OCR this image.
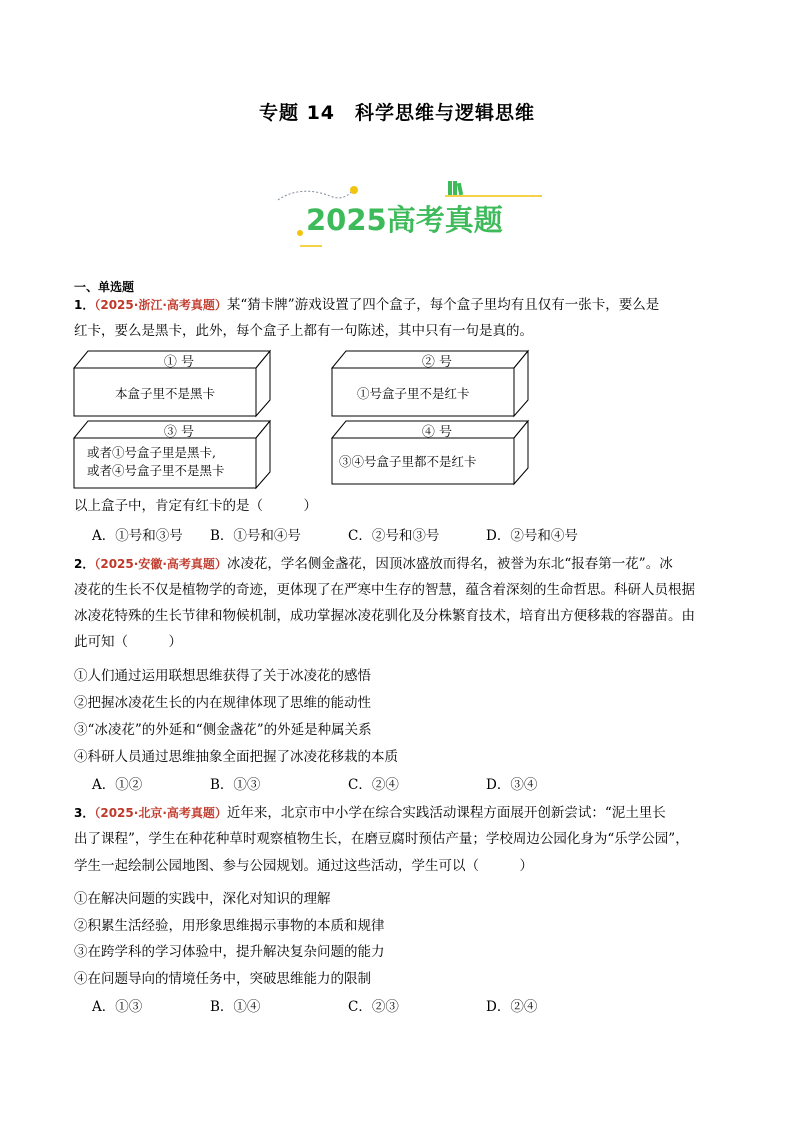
专题 14　科学思维与逻辑思维
2025高考真题
一、单选题
1．（2025·浙江·高考真题）某“猜卡牌”游戏设置了四个盒子，每个盒子里均有且仅有一张卡，要么是
红卡，要么是黑卡，此外，每个盒子上都有一句陈述，其中只有一句是真的。
① 号
本盒子里不是黑卡
② 号
①号盒子里不是红卡
③ 号
或者①号盒子里是黑卡,
或者④号盒子里不是黑卡
④ 号
③④号盒子里都不是红卡
以上盒子中，肯定有红卡的是（　　　）
A．①号和③号 B．①号和④号	C．②号和③号	D．②号和④号
2．（2025·安徽·高考真题）冰凌花，学名侧金盏花，因顶冰盛放而得名，被誉为东北“报春第一花”。冰
凌花的生长不仅是植物学的奇迹，更体现了在严寒中生存的智慧，蕴含着深刻的生命哲思。科研人员根据
冰凌花特殊的生长节律和物候机制，成功掌握冰凌花驯化及分株繁育技术，培育出方便移栽的容器苗。由
此可知（　　　）
①人们通过运用联想思维获得了关于冰凌花的感悟
②把握冰凌花生长的内在规律体现了思维的能动性
③“冰凌花”的外延和“侧金盏花”的外延是种属关系
④科研人员通过思维抽象全面把握了冰凌花移栽的本质
A．①②	B．①③	C．②④	D．③④
3．（2025·北京·高考真题）近年来，北京市中小学在综合实践活动课程方面展开创新尝试：“泥土里长
出了课程”，学生在种花种草时观察植物生长，在磨豆腐时预估产量；学校周边公园化身为“乐学公园”，
学生一起绘制公园地图、参与公园规划。通过这些活动，学生可以（　　　）
①在解决问题的实践中，深化对知识的理解
②积累生活经验，用形象思维揭示事物的本质和规律
③在跨学科的学习体验中，提升解决复杂问题的能力
④在问题导向的情境任务中，突破思维能力的限制
A．①③	B．①④	C．②③	D．②④
